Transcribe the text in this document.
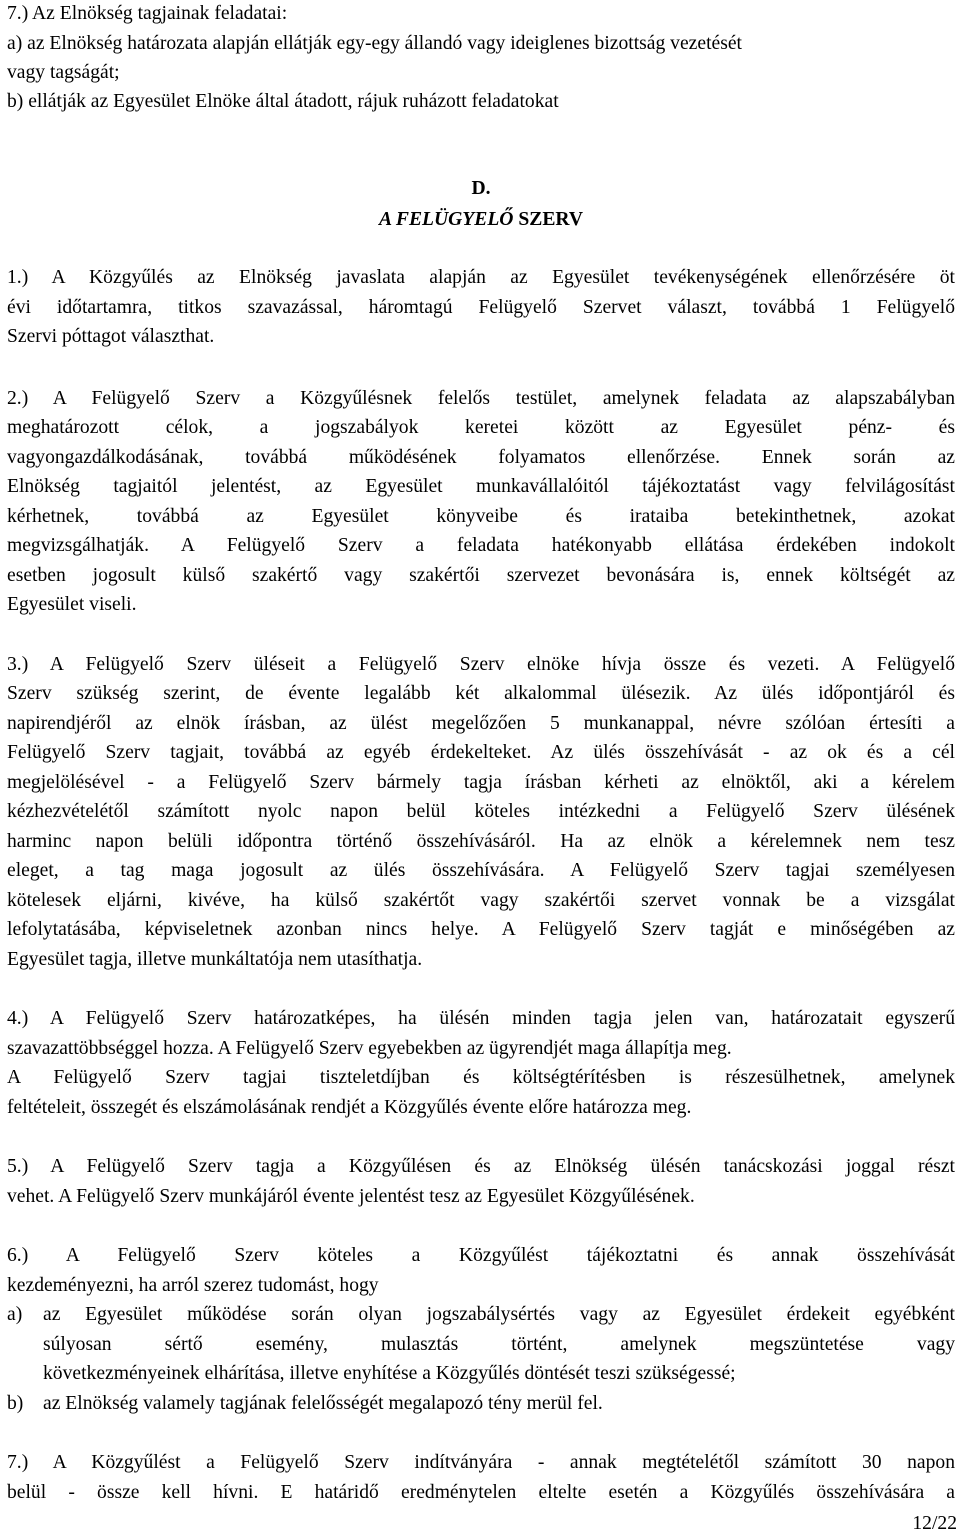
7.) Az Elnökség tagjainak feladatai:
a) az Elnökség határozata alapján ellátják egy-egy állandó vagy ideiglenes bizottság vezetését
vagy tagságát;
b) ellátják az Egyesület Elnöke által átadott, rájuk ruházott feladatokat
D.
A FELÜGYELŐ SZERV
1.) A Közgyűlés az Elnökség javaslata alapján az Egyesület tevékenységének ellenőrzésére öt
évi időtartamra, titkos szavazással, háromtagú Felügyelő Szervet választ, továbbá 1 Felügyelő
Szervi póttagot választhat.
2.) A Felügyelő Szerv a Közgyűlésnek felelős testület, amelynek feladata az alapszabályban
meghatározott célok, a jogszabályok keretei között az Egyesület pénz- és
vagyongazdálkodásának, továbbá működésének folyamatos ellenőrzése. Ennek során az
Elnökség tagjaitól jelentést, az Egyesület munkavállalóitól tájékoztatást vagy felvilágosítást
kérhetnek, továbbá az Egyesület könyveibe és irataiba betekinthetnek, azokat
megvizsgálhatják. A Felügyelő Szerv a feladata hatékonyabb ellátása érdekében indokolt
esetben jogosult külső szakértő vagy szakértői szervezet bevonására is, ennek költségét az
Egyesület viseli.
3.) A Felügyelő Szerv üléseit a Felügyelő Szerv elnöke hívja össze és vezeti. A Felügyelő
Szerv szükség szerint, de évente legalább két alkalommal ülésezik. Az ülés időpontjáról és
napirendjéről az elnök írásban, az ülést megelőzően 5 munkanappal, névre szólóan értesíti a
Felügyelő Szerv tagjait, továbbá az egyéb érdekelteket. Az ülés összehívását - az ok és a cél
megjelölésével - a Felügyelő Szerv bármely tagja írásban kérheti az elnöktől, aki a kérelem
kézhezvételétől számított nyolc napon belül köteles intézkedni a Felügyelő Szerv ülésének
harminc napon belüli időpontra történő összehívásáról. Ha az elnök a kérelemnek nem tesz
eleget, a tag maga jogosult az ülés összehívására. A Felügyelő Szerv tagjai személyesen
kötelesek eljárni, kivéve, ha külső szakértőt vagy szakértői szervet vonnak be a vizsgálat
lefolytatásába, képviseletnek azonban nincs helye. A Felügyelő Szerv tagját e minőségében az
Egyesület tagja, illetve munkáltatója nem utasíthatja.
4.) A Felügyelő Szerv határozatképes, ha ülésén minden tagja jelen van, határozatait egyszerű
szavazattöbbséggel hozza. A Felügyelő Szerv egyebekben az ügyrendjét maga állapítja meg.
A Felügyelő Szerv tagjai tiszteletdíjban és költségtérítésben is részesülhetnek, amelynek
feltételeit, összegét és elszámolásának rendjét a Közgyűlés évente előre határozza meg.
5.) A Felügyelő Szerv tagja a Közgyűlésen és az Elnökség ülésén tanácskozási joggal részt
vehet. A Felügyelő Szerv munkájáról évente jelentést tesz az Egyesület Közgyűlésének.
6.) A Felügyelő Szerv köteles a Közgyűlést tájékoztatni és annak összehívását
kezdeményezni, ha arról szerez tudomást, hogy
a) az Egyesület működése során olyan jogszabálysértés vagy az Egyesület érdekeit egyébként
súlyosan sértő esemény, mulasztás történt, amelynek megszüntetése vagy
következményeinek elhárítása, illetve enyhítése a Közgyűlés döntését teszi szükségessé;
b) az Elnökség valamely tagjának felelősségét megalapozó tény merül fel.
7.) A Közgyűlést a Felügyelő Szerv indítványára - annak megtételétől számított 30 napon
belül - össze kell hívni. E határidő eredménytelen eltelte esetén a Közgyűlés összehívására a
12/22
